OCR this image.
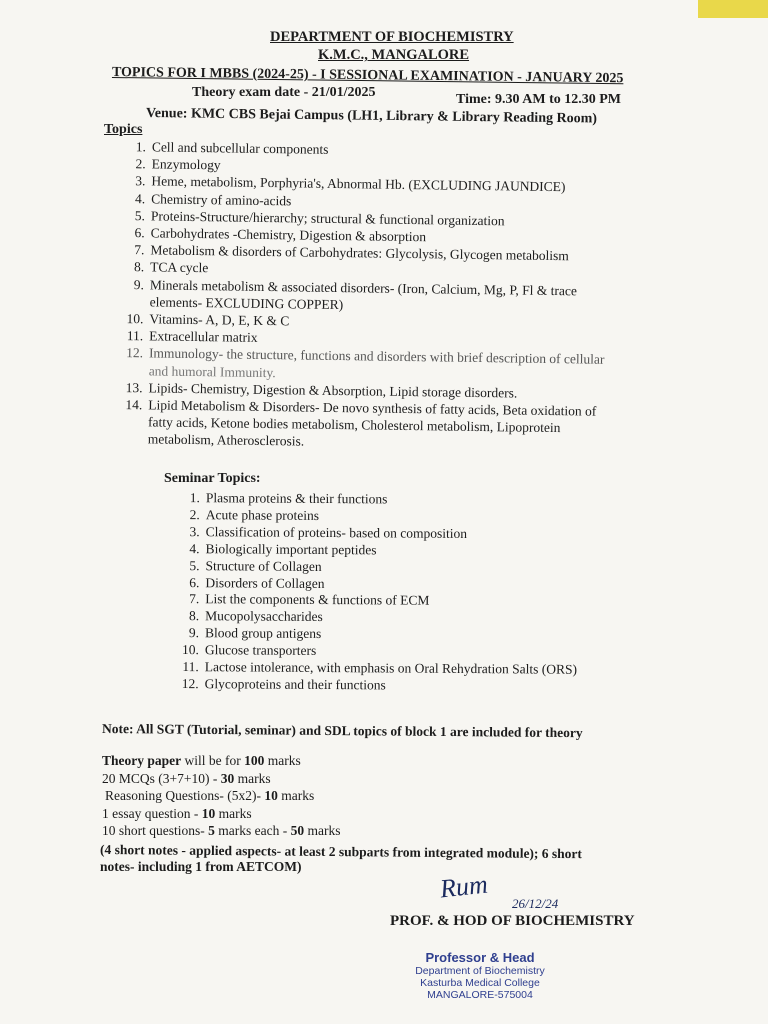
DEPARTMENT OF BIOCHEMISTRY
K.M.C., MANGALORE
TOPICS FOR I MBBS (2024-25) - I SESSIONAL EXAMINATION - JANUARY 2025
Theory exam date - 21/01/2025	Time: 9.30 AM to 12.30 PM
Venue: KMC CBS Bejai Campus (LH1, Library & Library Reading Room)
Topics
1. Cell and subcellular components
2. Enzymology
3. Heme, metabolism, Porphyria's, Abnormal Hb. (EXCLUDING JAUNDICE)
4. Chemistry of amino-acids
5. Proteins-Structure/hierarchy; structural & functional organization
6. Carbohydrates -Chemistry, Digestion & absorption
7. Metabolism & disorders of Carbohydrates: Glycolysis, Glycogen metabolism
8. TCA cycle
9. Minerals metabolism & associated disorders- (Iron, Calcium, Mg, P, Fl & trace
elements- EXCLUDING COPPER)
10. Vitamins- A, D, E, K & C
11. Extracellular matrix
12. Immunology- the structure, functions and disorders with brief description of cellular
and humoral Immunity.
13. Lipids- Chemistry, Digestion & Absorption, Lipid storage disorders.
14. Lipid Metabolism & Disorders- De novo synthesis of fatty acids, Beta oxidation of
fatty acids, Ketone bodies metabolism, Cholesterol metabolism, Lipoprotein
metabolism, Atherosclerosis.
Seminar Topics:
1. Plasma proteins & their functions
2. Acute phase proteins
3. Classification of proteins- based on composition
4. Biologically important peptides
5. Structure of Collagen
6. Disorders of Collagen
7. List the components & functions of ECM
8. Mucopolysaccharides
9. Blood group antigens
10. Glucose transporters
11. Lactose intolerance, with emphasis on Oral Rehydration Salts (ORS)
12. Glycoproteins and their functions
Note: All SGT (Tutorial, seminar) and SDL topics of block 1 are included for theory
Theory paper will be for 100 marks
20 MCQs (3+7+10) - 30 marks
Reasoning Questions- (5x2)- 10 marks
1 essay question - 10 marks
10 short questions- 5 marks each - 50 marks
(4 short notes - applied aspects- at least 2 subparts from integrated module); 6 short
notes- including 1 from AETCOM)
Rum
26/12/24
PROF. & HOD OF BIOCHEMISTRY
Professor & Head
Department of Biochemistry
Kasturba Medical College
MANGALORE-575004
